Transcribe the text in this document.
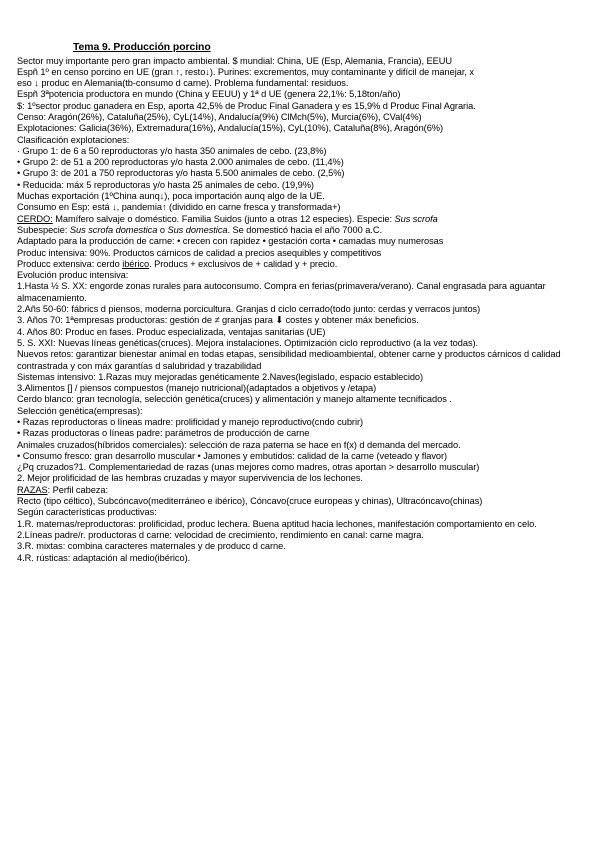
Tema 9. Producción porcino

Sector muy importante pero gran impacto ambiental. $ mundial: China, UE (Esp, Alemania, Francia), EEUU

Espñ 1º en censo porcino en UE (gran ↑, resto↓). Purines: excrementos, muy contaminante y difícil de manejar, x

eso ↓ produc en Alemania(tb-consumo d carne). Problema fundamental: residuos.

Espñ 3ªpotencia productora en mundo (China y EEUU) y 1ª d UE (genera 22,1%: 5,18ton/año)

$: 1ºsector produc ganadera en Esp, aporta 42,5% de Produc Final Ganadera y es 15,9% d Produc Final Agraria.

Censo: Aragón(26%), Cataluña(25%), CyL(14%), Andalucía(9%) ClMch(5%), Murcia(6%), CVal(4%)

Explotaciones: Galicia(36%), Extremadura(16%), Andalucía(15%), CyL(10%), Cataluña(8%), Aragón(6%)

Clasificación explotaciones:

· Grupo 1: de 6 a 50 reproductoras y/o hasta 350 animales de cebo. (23,8%)

• Grupo 2: de 51 a 200 reproductoras y/o hasta 2.000 animales de cebo. (11,4%)

• Grupo 3: de 201 a 750 reproductoras y/o hasta 5.500 animales de cebo. (2,5%)

• Reducida: máx 5 reproductoras y/o hasta 25 animales de cebo. (19,9%)

Muchas exportación (1ºChina aunq↓), poca importación aunq algo de la UE.

Consumo en Esp: está ↓, pandemia↑ (dividido en carne fresca y transformada+)

CERDO: Mamífero salvaje o doméstico. Familia Suidos (junto a otras 12 especies). Especie: Sus scrofa

Subespecie: Sus scrofa domestica o Sus domestica. Se domesticó hacia el año 7000 a.C.

Adaptado para la producción de carne: • crecen con rapidez • gestación corta • camadas muy numerosas

Produc intensiva: 90%. Productos cárnicos de calidad a precios asequibles y competitivos

Producc extensiva: cerdo ibérico. Producs + exclusivos de + calidad y + precio.

Evolución produc intensiva:

1.Hasta ½ S. XX: engorde zonas rurales para autoconsumo. Compra en ferias(primavera/verano). Canal engrasada para aguantar almacenamiento.

2.Añs 50-60: fábrics d piensos, moderna porcicultura. Granjas d ciclo cerrado(todo junto: cerdas y verracos juntos)

3. Años 70: 1ªempresas productoras: gestión de ≠ granjas para ⬇ costes y obtener máx beneficios.

4. Años 80: Produc en fases. Produc especializada, ventajas sanitarias (UE)

5. S. XXI: Nuevas líneas genéticas(cruces). Mejora instalaciones. Optimización ciclo reproductivo (a la vez todas).

Nuevos retos: garantizar bienestar animal en todas etapas, sensibilidad medioambiental, obtener carne y productos cárnicos d calidad contrastrada y con máx garantías d salubridad y trazabilidad

Sistemas intensivo: 1.Razas muy mejoradas genéticamente 2.Naves(legislado, espacio establecido)

3.Alimentos [] / piensos compuestos (manejo nutricional)(adaptados a objetivos y /etapa)

Cerdo blanco: gran tecnología, selección genética(cruces) y alimentación y manejo altamente tecnificados .

Selección genética(empresas):

• Razas reproductoras o líneas madre: prolificidad y manejo reproductivo(cndo cubrir)

• Razas productoras o líneas padre: parámetros de producción de carne

Animales cruzados(híbridos comerciales): selección de raza paterna se hace en f(x) d demanda del mercado.

• Consumo fresco: gran desarrollo muscular • Jamones y embutidos: calidad de la carne (veteado y flavor)

¿Pq cruzados?1. Complementariedad de razas (unas mejores como madres, otras aportan > desarrollo muscular)

2. Mejor prolificidad de las hembras cruzadas y mayor supervivencia de los lechones.

RAZAS: Perfil cabeza:

Recto (tipo céltico), Subcóncavo(mediterráneo e ibérico), Cóncavo(cruce europeas y chinas), Ultracóncavo(chinas)

Según características productivas:

1.R. maternas/reproductoras: prolificidad, produc lechera. Buena aptitud hacia lechones, manifestación comportamiento en celo.

2.Líneas padre/r. productoras d carne: velocidad de crecimiento, rendimiento en canal: carne magra.

3.R. mixtas: combina caracteres maternales y de producc d carne.

4.R. rústicas: adaptación al medio(ibérico).
